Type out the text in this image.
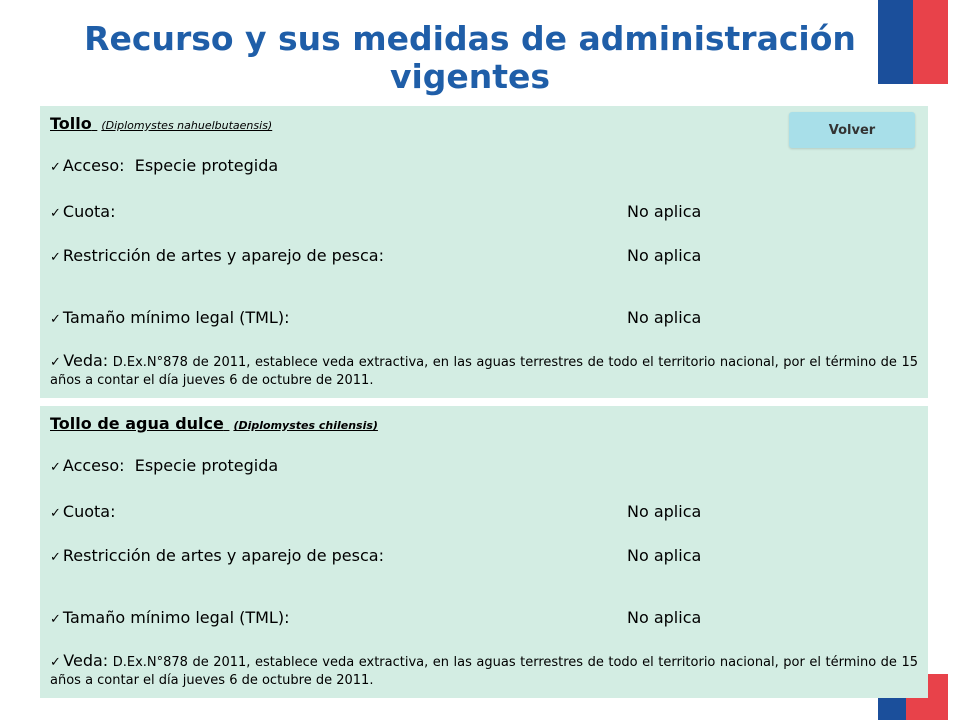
Recurso y sus medidas de administración vigentes
Tollo (Diplomystes nahuelbutaensis)
✓ Acceso: Especie protegida
✓ Cuota:	No aplica
✓ Restricción de artes y aparejo de pesca:	No aplica
✓ Tamaño mínimo legal (TML):	No aplica
✓ Veda: D.Ex.N°878 de 2011, establece veda extractiva, en las aguas terrestres de todo el territorio nacional, por el término de 15 años a contar el día jueves 6 de octubre de 2011.
Tollo de agua dulce (Diplomystes chilensis)
✓ Acceso: Especie protegida
✓ Cuota:	No aplica
✓ Restricción de artes y aparejo de pesca:	No aplica
✓ Tamaño mínimo legal (TML):	No aplica
✓ Veda: D.Ex.N°878 de 2011, establece veda extractiva, en las aguas terrestres de todo el territorio nacional, por el término de 15 años a contar el día jueves 6 de octubre de 2011.
Volver
